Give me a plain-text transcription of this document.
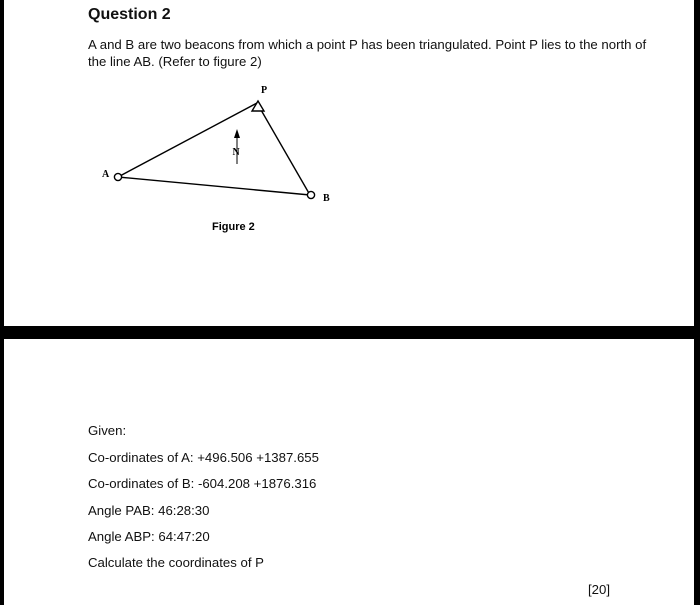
Question 2

A and B are two beacons from which a point P has been triangulated. Point P lies to the north of the line AB. (Refer to figure 2)

N
P
A
B
Figure 2

Given:

Co-ordinates of A: +496.506 +1387.655

Co-ordinates of B: -604.208 +1876.316

Angle PAB: 46:28:30

Angle ABP: 64:47:20

Calculate the coordinates of P

[20]
